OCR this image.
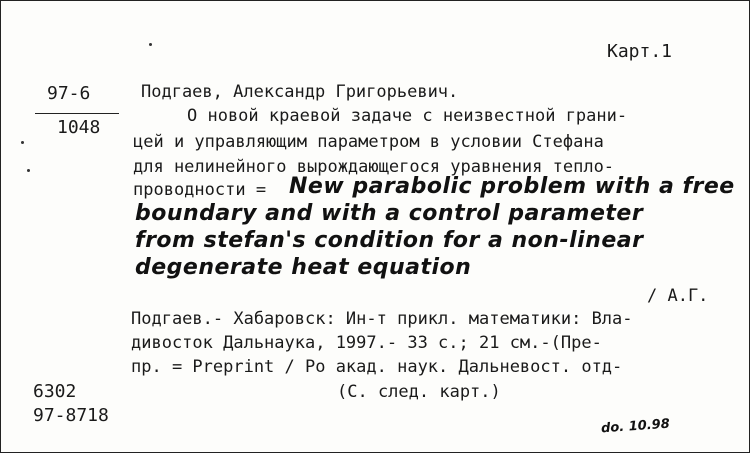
Карт.1
97-6
1048
Подгаев, Александр Григорьевич.
О новой краевой задаче с неизвестной грани-
цей и управляющим параметром в условии Стефана
для нелинейного вырождающегося уравнения тепло-
проводности = New parabolic problem with a free
boundary and with a control parameter
from stefan's condition for a non-linear
degenerate heat equation
/ А.Г.
Подгаев.- Хабаровск: Ин-т прикл. математики: Вла-
дивосток Дальнаука, 1997.- 33 с.; 21 см.-(Пре-
пр. = Preprint / Ро акад. наук. Дальневост. отд-
(С. след. карт.)
6302
97-8718
do. 10.98
